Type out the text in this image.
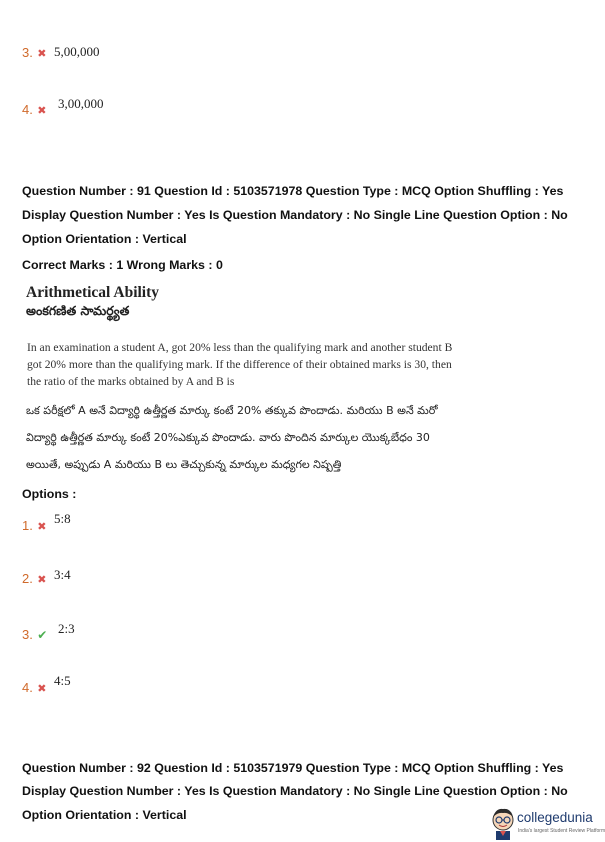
3. ✖ 5,00,000
4. ✖ 3,00,000
Question Number : 91 Question Id : 5103571978 Question Type : MCQ Option Shuffling : Yes
Display Question Number : Yes Is Question Mandatory : No Single Line Question Option : No
Option Orientation : Vertical
Correct Marks : 1 Wrong Marks : 0
Arithmetical Ability
అంకగణిత సామర్థ్యత
In an examination a student A, got 20% less than the qualifying mark and another student B got 20% more than the qualifying mark. If the difference of their obtained marks is 30, then the ratio of the marks obtained by A and B is
ఒక పరీక్షలో A అనే విద్యార్థి ఉత్తీర్ణత మార్కు కంటే 20% తక్కువ పొందాడు. మరియు B అనే మరో
విద్యార్థి ఉత్తీర్ణత మార్కు కంటే 20%ఎక్కువ పొందాడు. వారు పొందిన మార్కుల యొక్కబేధం 30
అయితే, అప్పుడు A మరియు B లు తెచ్చుకున్న మార్కుల మధ్యగల నిష్పత్తి
Options :
1. ✖
5:8
2. ✖ 3:4
3. ✔ 2:3
4. ✖
4:5
Question Number : 92 Question Id : 5103571979 Question Type : MCQ Option Shuffling : Yes
Display Question Number : Yes Is Question Mandatory : No Single Line Question Option : No
Option Orientation : Vertical	collegedunia
India's largest Student Review Platform
